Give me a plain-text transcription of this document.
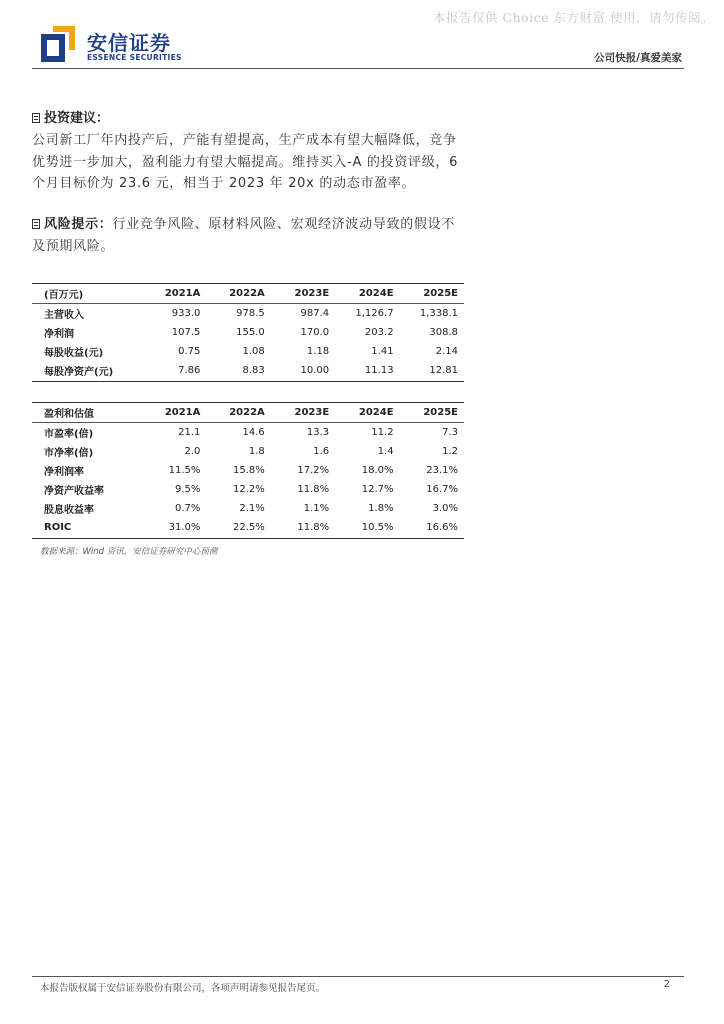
本报告仅供 Choice 东方财富 使用，请勿传阅。
安信证券
ESSENCE SECURITIES	公司快报/真爱美家
投资建议：
公司新工厂年内投产后，产能有望提高，生产成本有望大幅降低，竞争优势进一步加大，盈利能力有望大幅提高。维持买入-A 的投资评级，6 个月目标价为 23.6 元，相当于 2023 年 20x 的动态市盈率。
风险提示：行业竞争风险、原材料风险、宏观经济波动导致的假设不及预期风险。
(百万元)	2021A	2022A	2023E	2024E	2025E
主营收入	933.0	978.5	987.4	1,126.7	1,338.1
净利润	107.5	155.0	170.0	203.2	308.8
每股收益(元)	0.75	1.08	1.18	1.41	2.14
每股净资产(元)	7.86	8.83	10.00	11.13	12.81
盈利和估值	2021A	2022A	2023E	2024E	2025E
市盈率(倍)	21.1	14.6	13.3	11.2	7.3
市净率(倍)	2.0	1.8	1.6	1.4	1.2
净利润率	11.5%	15.8%	17.2%	18.0%	23.1%
净资产收益率	9.5%	12.2%	11.8%	12.7%	16.7%
股息收益率	0.7%	2.1%	1.1%	1.8%	3.0%
ROIC	31.0%	22.5%	11.8%	10.5%	16.6%
数据来源：Wind 资讯，安信证券研究中心预测
本报告版权属于安信证券股份有限公司，各项声明请参见报告尾页。	2
